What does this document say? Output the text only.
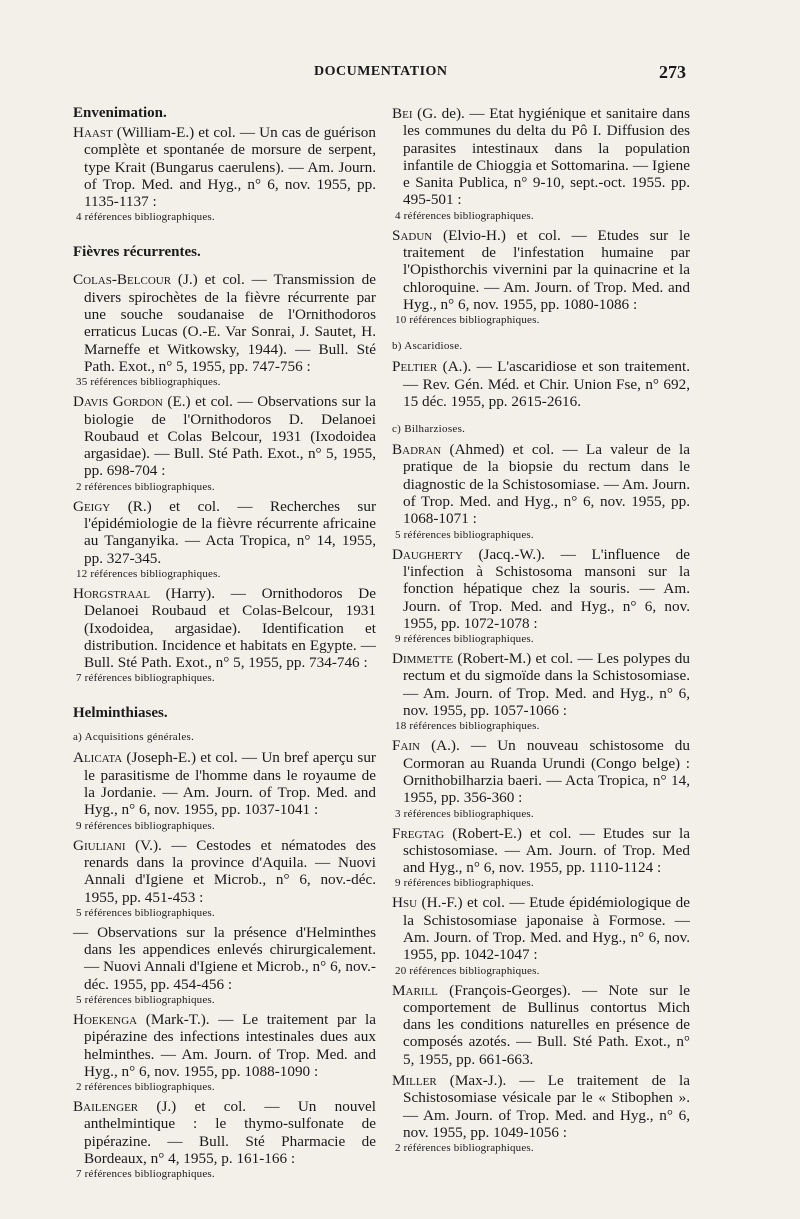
DOCUMENTATION	273
Envenimation.
Haast (William-E.) et col. — Un cas de guérison complète et spontanée de morsure de serpent, type Krait (Bungarus caerulens). — Am. Journ. of Trop. Med. and Hyg., n° 6, nov. 1955, pp. 1135-1137 :
4 références bibliographiques.
Fièvres récurrentes.
Colas-Belcour (J.) et col. — Transmission de divers spirochètes de la fièvre récurrente par une souche soudanaise de l'Ornithodoros erraticus Lucas (O.-E. Var Sonrai, J. Sautet, H. Marneffe et Witkowsky, 1944). — Bull. Sté Path. Exot., n° 5, 1955, pp. 747-756 :
35 références bibliographiques.
Davis Gordon (E.) et col. — Observations sur la biologie de l'Ornithodoros D. Delanoei Roubaud et Colas Belcour, 1931 (Ixodoidea argasidae). — Bull. Sté Path. Exot., n° 5, 1955, pp. 698-704 :
2 références bibliographiques.
Geigy (R.) et col. — Recherches sur l'épidémiologie de la fièvre récurrente africaine au Tanganyika. — Acta Tropica, n° 14, 1955, pp. 327-345.
12 références bibliographiques.
Horgstraal (Harry). — Ornithodoros De Delanoei Roubaud et Colas-Belcour, 1931 (Ixodoidea, argasidae). Identification et distribution. Incidence et habitats en Egypte. — Bull. Sté Path. Exot., n° 5, 1955, pp. 734-746 :
7 références bibliographiques.
Helminthiases.
a) Acquisitions générales.
Alicata (Joseph-E.) et col. — Un bref aperçu sur le parasitisme de l'homme dans le royaume de la Jordanie. — Am. Journ. of Trop. Med. and Hyg., n° 6, nov. 1955, pp. 1037-1041 :
9 références bibliographiques.
Giuliani (V.). — Cestodes et nématodes des renards dans la province d'Aquila. — Nuovi Annali d'Igiene et Microb., n° 6, nov.-déc. 1955, pp. 451-453 :
5 références bibliographiques.
— Observations sur la présence d'Helminthes dans les appendices enlevés chirurgicalement. — Nuovi Annali d'Igiene et Microb., n° 6, nov.-déc. 1955, pp. 454-456 :
5 références bibliographiques.
Hoekenga (Mark-T.). — Le traitement par la pipérazine des infections intestinales dues aux helminthes. — Am. Journ. of Trop. Med. and Hyg., n° 6, nov. 1955, pp. 1088-1090 :
2 références bibliographiques.
Bailenger (J.) et col. — Un nouvel anthelmintique : le thymo-sulfonate de pipérazine. — Bull. Sté Pharmacie de Bordeaux, n° 4, 1955, p. 161-166 :
7 références bibliographiques.
Bei (G. de). — Etat hygiénique et sanitaire dans les communes du delta du Pô I. Diffusion des parasites intestinaux dans la population infantile de Chioggia et Sottomarina. — Igiene e Sanita Publica, n° 9-10, sept.-oct. 1955. pp. 495-501 :
4 références bibliographiques.
Sadun (Elvio-H.) et col. — Etudes sur le traitement de l'infestation humaine par l'Opisthorchis vivernini par la quinacrine et la chloroquine. — Am. Journ. of Trop. Med. and Hyg., n° 6, nov. 1955, pp. 1080-1086 :
10 références bibliographiques.
b) Ascaridiose.
Peltier (A.). — L'ascaridiose et son traitement. — Rev. Gén. Méd. et Chir. Union Fse, n° 692, 15 déc. 1955, pp. 2615-2616.
c) Bilharzioses.
Badran (Ahmed) et col. — La valeur de la pratique de la biopsie du rectum dans le diagnostic de la Schistosomiase. — Am. Journ. of Trop. Med. and Hyg., n° 6, nov. 1955, pp. 1068-1071 :
5 références bibliographiques.
Daugherty (Jacq.-W.). — L'influence de l'infection à Schistosoma mansoni sur la fonction hépatique chez la souris. — Am. Journ. of Trop. Med. and Hyg., n° 6, nov. 1955, pp. 1072-1078 :
9 références bibliographiques.
Dimmette (Robert-M.) et col. — Les polypes du rectum et du sigmoïde dans la Schistosomiase. — Am. Journ. of Trop. Med. and Hyg., n° 6, nov. 1955, pp. 1057-1066 :
18 références bibliographiques.
Fain (A.). — Un nouveau schistosome du Cormoran au Ruanda Urundi (Congo belge) : Ornithobilharzia baeri. — Acta Tropica, n° 14, 1955, pp. 356-360 :
3 références bibliographiques.
Fregtag (Robert-E.) et col. — Etudes sur la schistosomiase. — Am. Journ. of Trop. Med and Hyg., n° 6, nov. 1955, pp. 1110-1124 :
9 références bibliographiques.
Hsu (H.-F.) et col. — Etude épidémiologique de la Schistosomiase japonaise à Formose. — Am. Journ. of Trop. Med. and Hyg., n° 6, nov. 1955, pp. 1042-1047 :
20 références bibliographiques.
Marill (François-Georges). — Note sur le comportement de Bullinus contortus Mich dans les conditions naturelles en présence de composés azotés. — Bull. Sté Path. Exot., n° 5, 1955, pp. 661-663.
Miller (Max-J.). — Le traitement de la Schistosomiase vésicale par le « Stibophen ». — Am. Journ. of Trop. Med. and Hyg., n° 6, nov. 1955, pp. 1049-1056 :
2 références bibliographiques.
